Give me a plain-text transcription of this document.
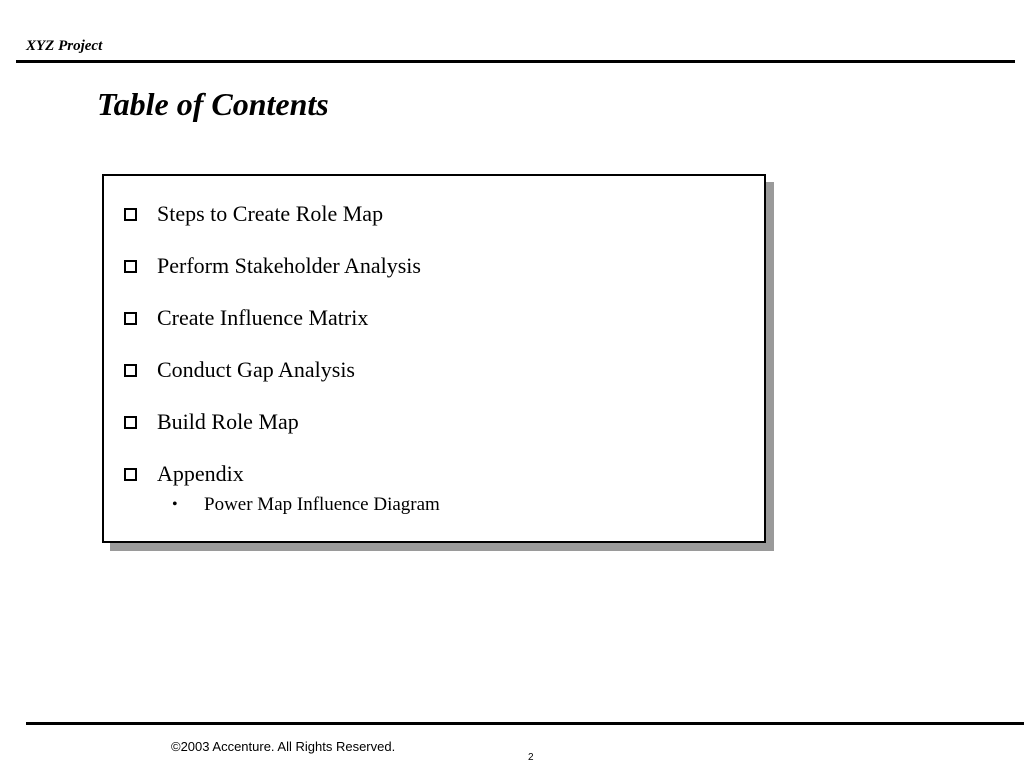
XYZ Project

Table of Contents
Steps to Create Role Map
Perform Stakeholder Analysis
Create Influence Matrix
Conduct Gap Analysis
Build Role Map
Appendix
•	Power Map Influence Diagram

©2003 Accenture. All Rights Reserved.

2
